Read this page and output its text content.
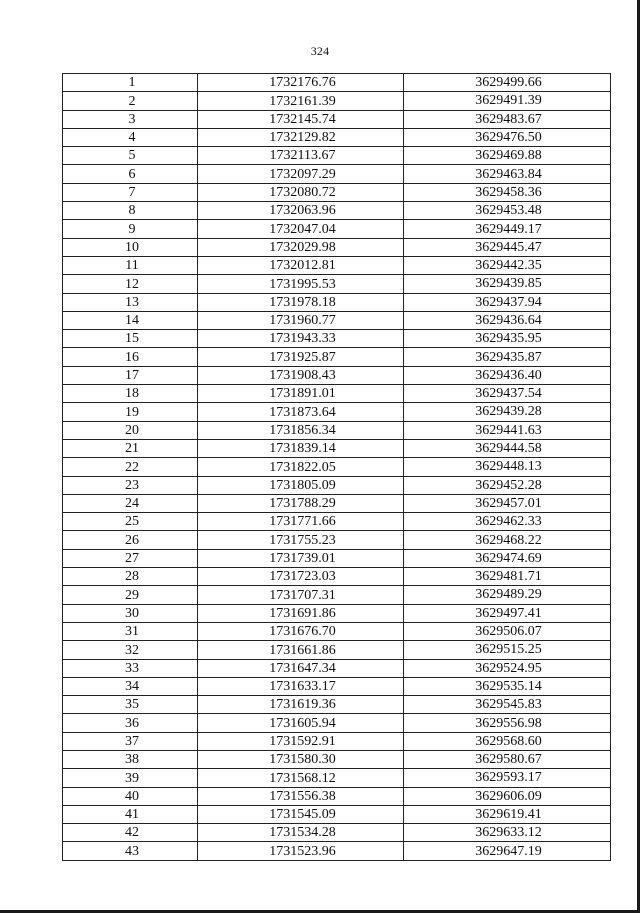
324
1	1732176.76	3629499.66
2	1732161.39	3629491.39
3	1732145.74	3629483.67
4	1732129.82	3629476.50
5	1732113.67	3629469.88
6	1732097.29	3629463.84
7	1732080.72	3629458.36
8	1732063.96	3629453.48
9	1732047.04	3629449.17
10	1732029.98	3629445.47
11	1732012.81	3629442.35
12	1731995.53	3629439.85
13	1731978.18	3629437.94
14	1731960.77	3629436.64
15	1731943.33	3629435.95
16	1731925.87	3629435.87
17	1731908.43	3629436.40
18	1731891.01	3629437.54
19	1731873.64	3629439.28
20	1731856.34	3629441.63
21	1731839.14	3629444.58
22	1731822.05	3629448.13
23	1731805.09	3629452.28
24	1731788.29	3629457.01
25	1731771.66	3629462.33
26	1731755.23	3629468.22
27	1731739.01	3629474.69
28	1731723.03	3629481.71
29	1731707.31	3629489.29
30	1731691.86	3629497.41
31	1731676.70	3629506.07
32	1731661.86	3629515.25
33	1731647.34	3629524.95
34	1731633.17	3629535.14
35	1731619.36	3629545.83
36	1731605.94	3629556.98
37	1731592.91	3629568.60
38	1731580.30	3629580.67
39	1731568.12	3629593.17
40	1731556.38	3629606.09
41	1731545.09	3629619.41
42	1731534.28	3629633.12
43	1731523.96	3629647.19
